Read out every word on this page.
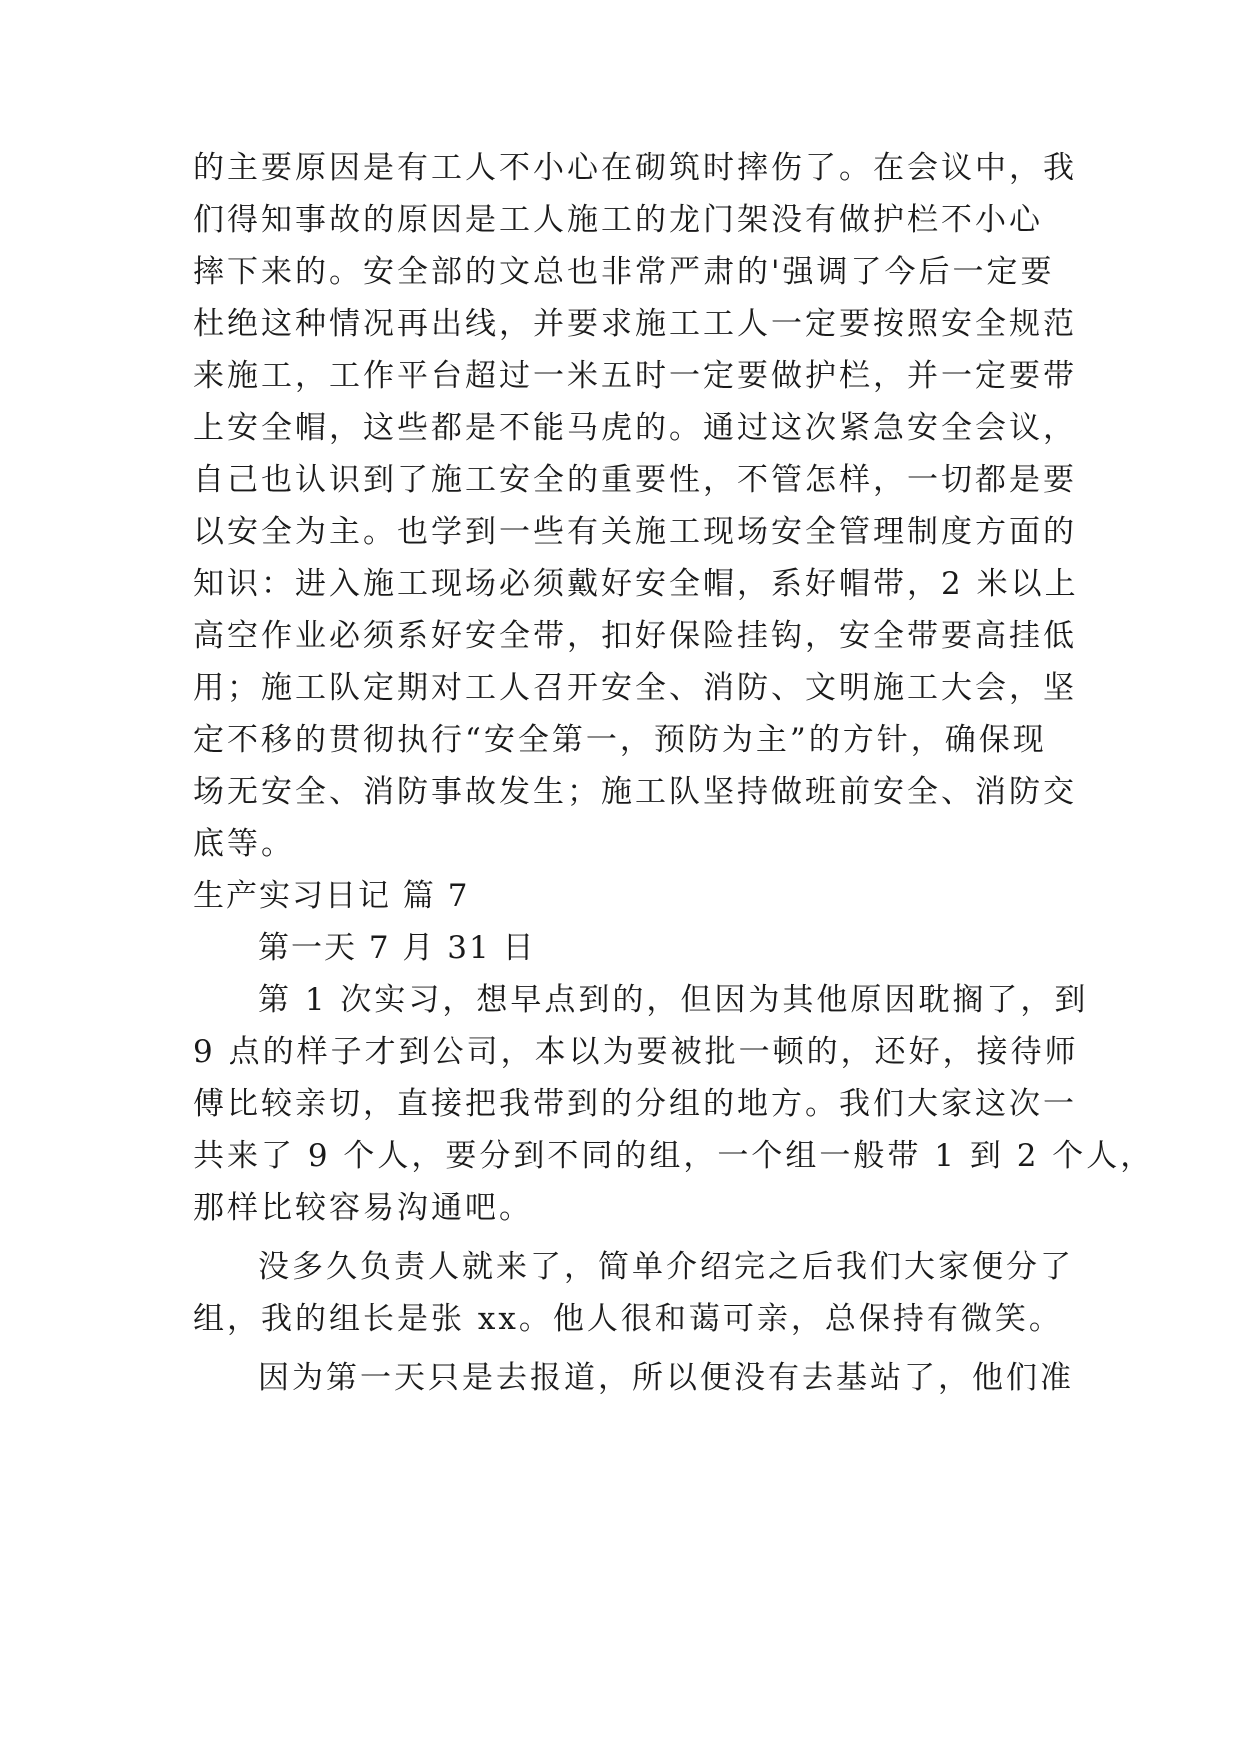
的主要原因是有工人不小心在砌筑时摔伤了。在会议中，我
们得知事故的原因是工人施工的龙门架没有做护栏不小心
摔下来的。安全部的文总也非常严肃的'强调了今后一定要
杜绝这种情况再出线，并要求施工工人一定要按照安全规范
来施工，工作平台超过一米五时一定要做护栏，并一定要带
上安全帽，这些都是不能马虎的。通过这次紧急安全会议，
自己也认识到了施工安全的重要性，不管怎样，一切都是要
以安全为主。也学到一些有关施工现场安全管理制度方面的
知识：进入施工现场必须戴好安全帽，系好帽带，2 米以上
高空作业必须系好安全带，扣好保险挂钩，安全带要高挂低
用；施工队定期对工人召开安全、消防、文明施工大会，坚
定不移的贯彻执行“安全第一，预防为主”的方针，确保现
场无安全、消防事故发生；施工队坚持做班前安全、消防交
底等。
生产实习日记 篇 7
第一天 7 月 31 日
第 1 次实习，想早点到的，但因为其他原因耽搁了，到
9 点的样子才到公司，本以为要被批一顿的，还好，接待师
傅比较亲切，直接把我带到的分组的地方。我们大家这次一
共来了 9 个人，要分到不同的组，一个组一般带 1 到 2 个人，
那样比较容易沟通吧。
没多久负责人就来了，简单介绍完之后我们大家便分了
组，我的组长是张 xx。他人很和蔼可亲，总保持有微笑。
因为第一天只是去报道，所以便没有去基站了，他们准
